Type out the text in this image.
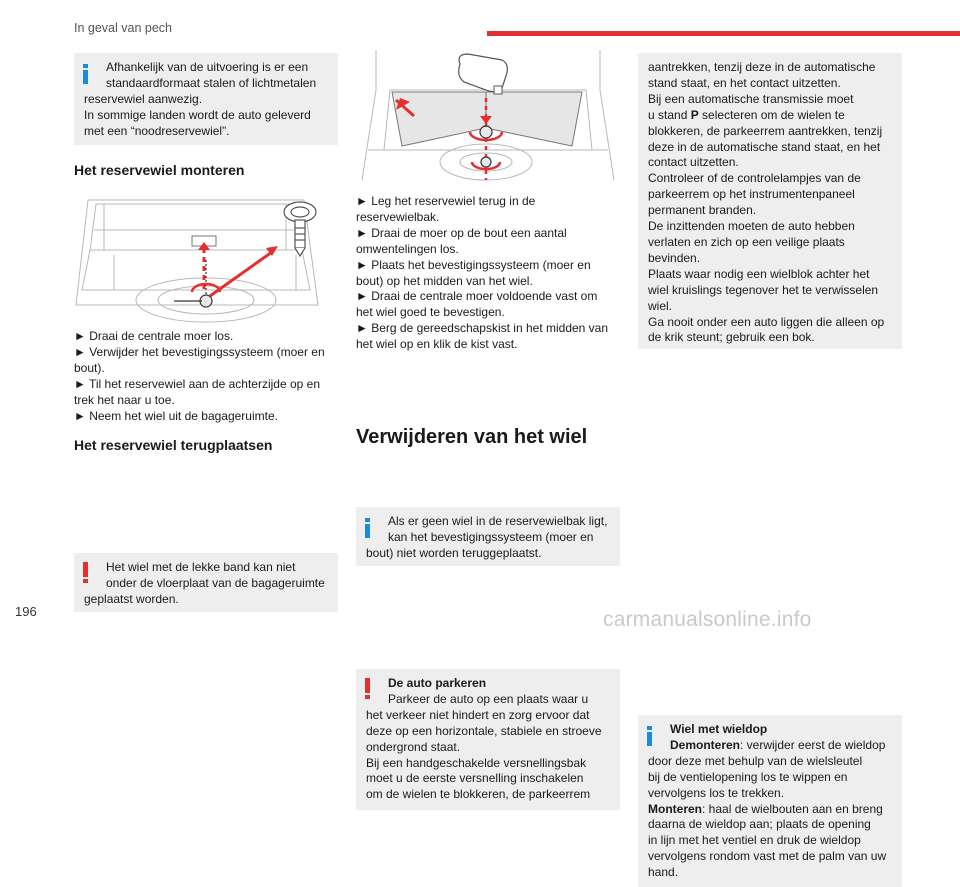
In geval van pech
Afhankelijk van de uitvoering is er een
standaardformaat stalen of lichtmetalen
reservewiel aanwezig.
In sommige landen wordt de auto geleverd
met een “noodreservewiel”.
Het reservewiel monteren
► Draai de centrale moer los.
► Verwijder het bevestigingssysteem (moer en
bout).
► Til het reservewiel aan de achterzijde op en
trek het naar u toe.
► Neem het wiel uit de bagageruimte.
Het reservewiel terugplaatsen
Het wiel met de lekke band kan niet
onder de vloerplaat van de bagageruimte
geplaatst worden.
► Leg het reservewiel terug in de
reservewielbak.
► Draai de moer op de bout een aantal
omwentelingen los.
► Plaats het bevestigingssysteem (moer en
bout) op het midden van het wiel.
► Draai de centrale moer voldoende vast om
het wiel goed te bevestigen.
► Berg de gereedschapskist in het midden van
het wiel op en klik de kist vast.
Als er geen wiel in de reservewielbak ligt,
kan het bevestigingssysteem (moer en
bout) niet worden teruggeplaatst.
Verwijderen van het wiel
De auto parkeren
Parkeer de auto op een plaats waar u
het verkeer niet hindert en zorg ervoor dat
deze op een horizontale, stabiele en stroeve
ondergrond staat.
Bij een handgeschakelde versnellingsbak
moet u de eerste versnelling inschakelen
om de wielen te blokkeren, de parkeerrem
aantrekken, tenzij deze in de automatische
stand staat, en het contact uitzetten.
Bij een automatische transmissie moet
u stand P selecteren om de wielen te
blokkeren, de parkeerrem aantrekken, tenzij
deze in de automatische stand staat, en het
contact uitzetten.
Controleer of de controlelampjes van de
parkeerrem op het instrumentenpaneel
permanent branden.
De inzittenden moeten de auto hebben
verlaten en zich op een veilige plaats
bevinden.
Plaats waar nodig een wielblok achter het
wiel kruislings tegenover het te verwisselen
wiel.
Ga nooit onder een auto liggen die alleen op
de krik steunt; gebruik een bok.
Wiel met wieldop
Demonteren: verwijder eerst de wieldop
door deze met behulp van de wielsleutel
bij de ventielopening los te wippen en
vervolgens los te trekken.
Monteren: haal de wielbouten aan en breng
daarna de wieldop aan; plaats de opening
in lijn met het ventiel en druk de wieldop
vervolgens rondom vast met de palm van uw
hand.
196	carmanualsonline.info
